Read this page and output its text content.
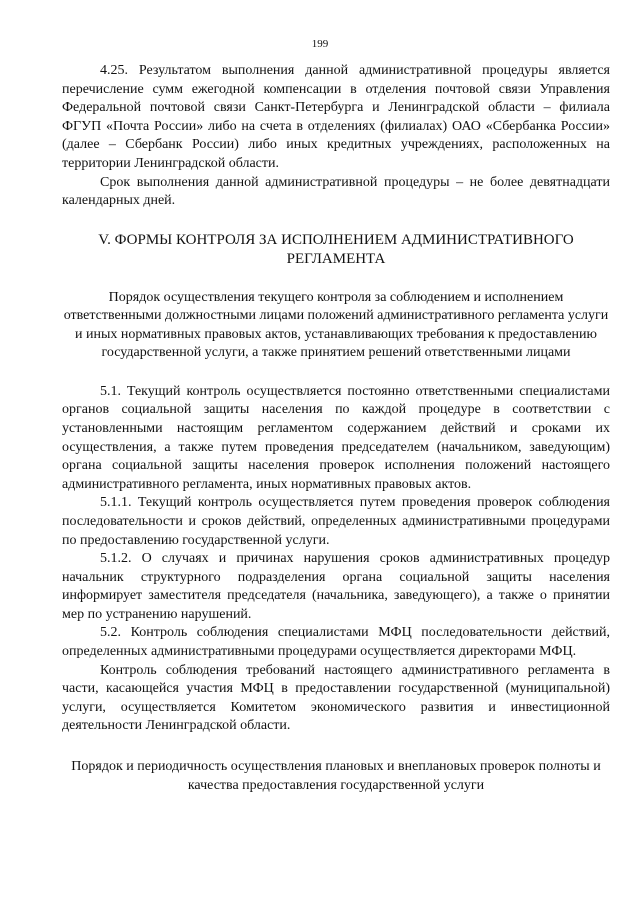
199

4.25. Результатом выполнения данной административной процедуры является перечисление сумм ежегодной компенсации в отделения почтовой связи Управления Федеральной почтовой связи Санкт-Петербурга и Ленинградской области – филиала ФГУП «Почта России» либо на счета в отделениях (филиалах) ОАО «Сбербанка России» (далее – Сбербанк России) либо иных кредитных учреждениях, расположенных на территории Ленинградской области.

Срок выполнения данной административной процедуры – не более девятнадцати календарных дней.

V. ФОРМЫ КОНТРОЛЯ ЗА ИСПОЛНЕНИЕМ АДМИНИСТРАТИВНОГО РЕГЛАМЕНТА

Порядок осуществления текущего контроля за соблюдением и исполнением ответственными должностными лицами положений административного регламента услуги и иных нормативных правовых актов, устанавливающих требования к предоставлению государственной услуги, а также принятием решений ответственными лицами

5.1. Текущий контроль осуществляется постоянно ответственными специалистами органов социальной защиты населения по каждой процедуре в соответствии с установленными настоящим регламентом содержанием действий и сроками их осуществления, а также путем проведения председателем (начальником, заведующим) органа социальной защиты населения проверок исполнения положений настоящего административного регламента, иных нормативных правовых актов.

5.1.1. Текущий контроль осуществляется путем проведения проверок соблюдения последовательности и сроков действий, определенных административными процедурами по предоставлению государственной услуги.

5.1.2. О случаях и причинах нарушения сроков административных процедур начальник структурного подразделения органа социальной защиты населения информирует заместителя председателя (начальника, заведующего), а также о принятии мер по устранению нарушений.

5.2. Контроль соблюдения специалистами МФЦ последовательности действий, определенных административными процедурами осуществляется директорами МФЦ.

Контроль соблюдения требований настоящего административного регламента в части, касающейся участия МФЦ в предоставлении государственной (муниципальной) услуги, осуществляется Комитетом экономического развития и инвестиционной деятельности Ленинградской области.

Порядок и периодичность осуществления плановых и внеплановых проверок полноты и качества предоставления государственной услуги
